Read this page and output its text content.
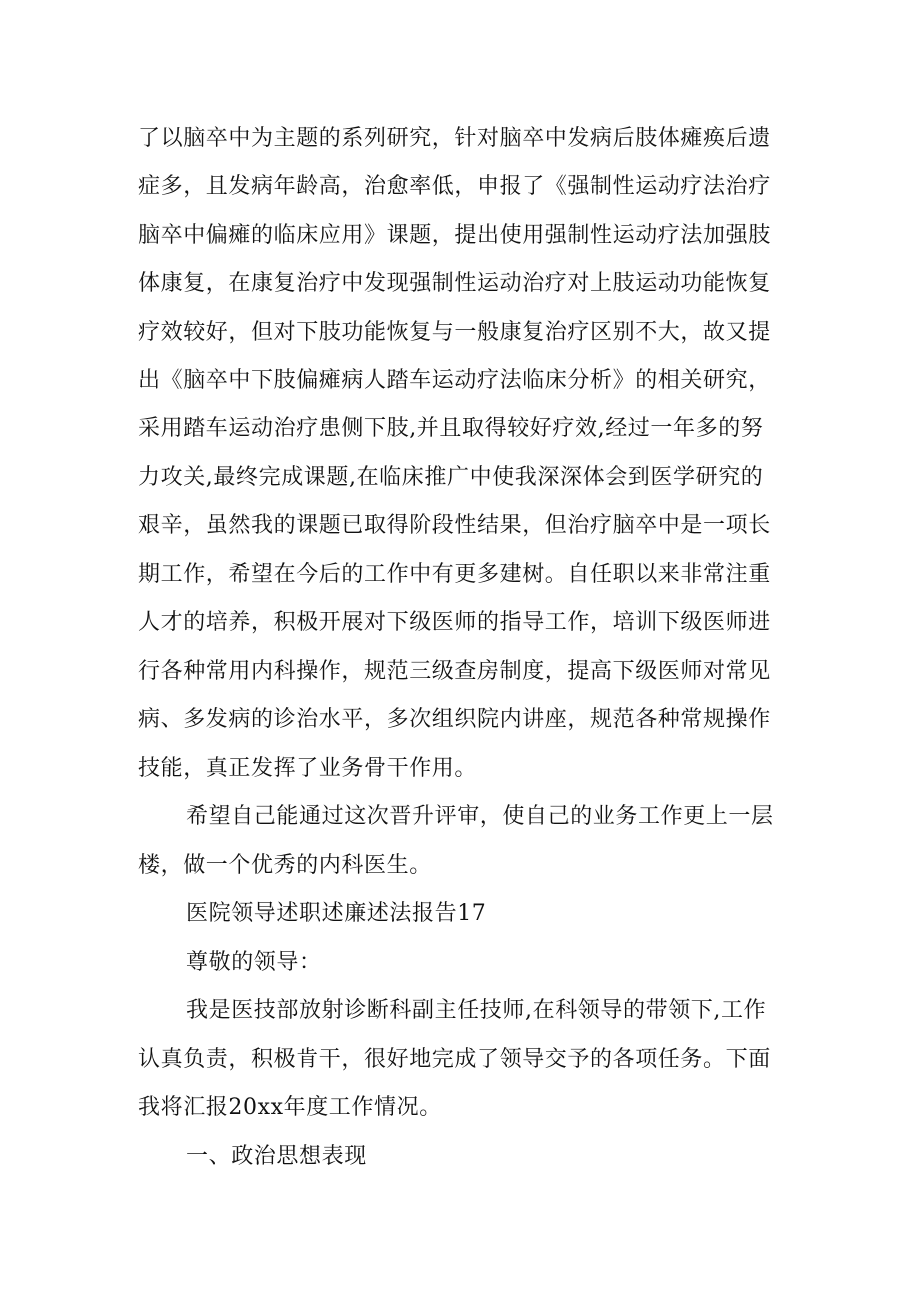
了以脑卒中为主题的系列研究，针对脑卒中发病后肢体瘫痪后遗
症多，且发病年龄高，治愈率低，申报了《强制性运动疗法治疗
脑卒中偏瘫的临床应用》课题，提出使用强制性运动疗法加强肢
体康复，在康复治疗中发现强制性运动治疗对上肢运动功能恢复
疗效较好，但对下肢功能恢复与一般康复治疗区别不大，故又提
出《脑卒中下肢偏瘫病人踏车运动疗法临床分析》的相关研究，
采用踏车运动治疗患侧下肢,并且取得较好疗效,经过一年多的努
力攻关,最终完成课题,在临床推广中使我深深体会到医学研究的
艰辛，虽然我的课题已取得阶段性结果，但治疗脑卒中是一项长
期工作，希望在今后的工作中有更多建树。自任职以来非常注重
人才的培养，积极开展对下级医师的指导工作，培训下级医师进
行各种常用内科操作，规范三级查房制度，提高下级医师对常见
病、多发病的诊治水平，多次组织院内讲座，规范各种常规操作
技能，真正发挥了业务骨干作用。
希望自己能通过这次晋升评审，使自己的业务工作更上一层
楼，做一个优秀的内科医生。
医院领导述职述廉述法报告17
尊敬的领导：
我是医技部放射诊断科副主任技师,在科领导的带领下,工作
认真负责，积极肯干，很好地完成了领导交予的各项任务。下面
我将汇报20xx年度工作情况。
一、政治思想表现
